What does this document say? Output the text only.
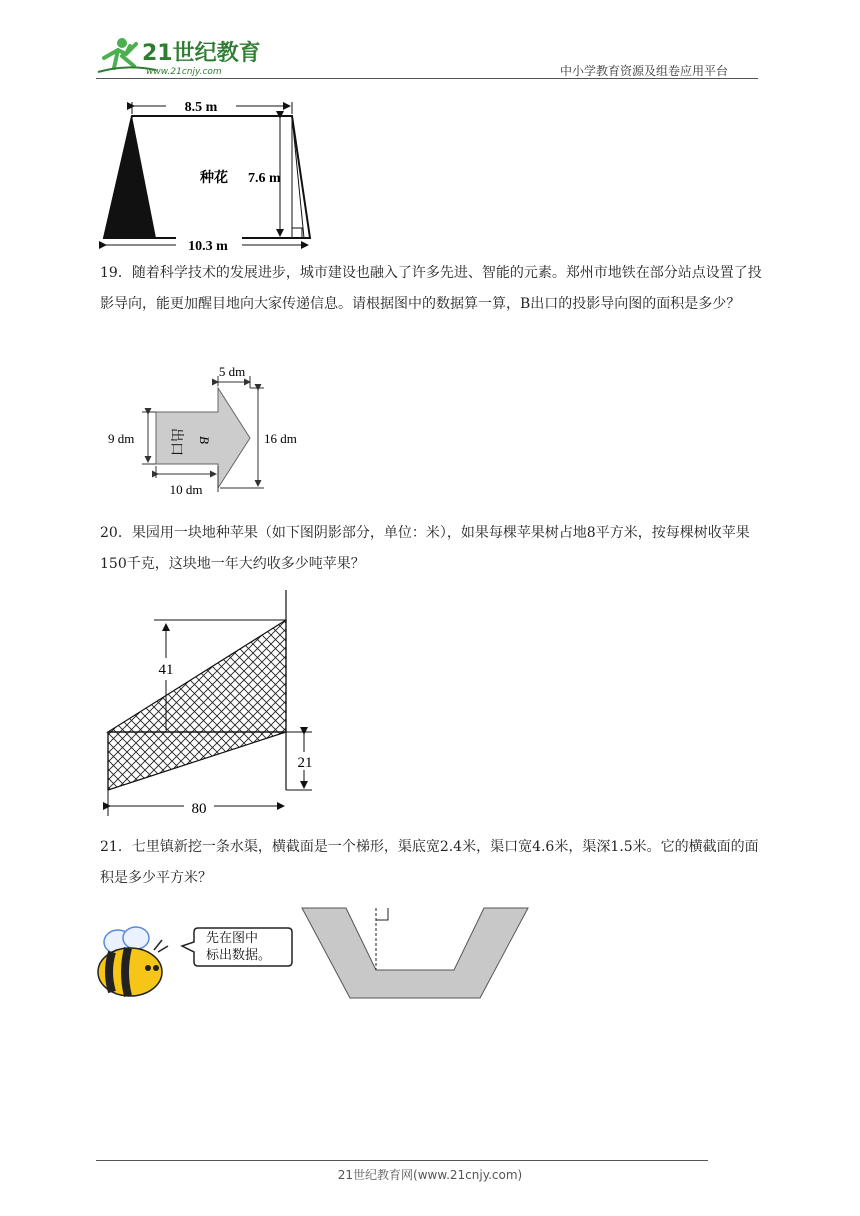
21世纪教育
www.21cnjy.com	中小学教育资源及组卷应用平台
8.5 m
种花 7.6 m
10.3 m

19．随着科学技术的发展进步，城市建设也融入了许多先进、智能的元素。郑州市地铁在部分站点设置了投影导向，能更加醒目地向大家传递信息。请根据图中的数据算一算，B出口的投影导向图的面积是多少？

5 dm
9 dm	16 dm
10 dm
出口 B

20．果园用一块地种苹果（如下图阴影部分，单位：米），如果每棵苹果树占地8平方米，按每棵树收苹果150千克，这块地一年大约收多少吨苹果？

41
21
80

21．七里镇新挖一条水渠，横截面是一个梯形，渠底宽2.4米，渠口宽4.6米，渠深1.5米。它的横截面的面积是多少平方米？

先在图中
标出数据。
21世纪教育网(www.21cnjy.com)
